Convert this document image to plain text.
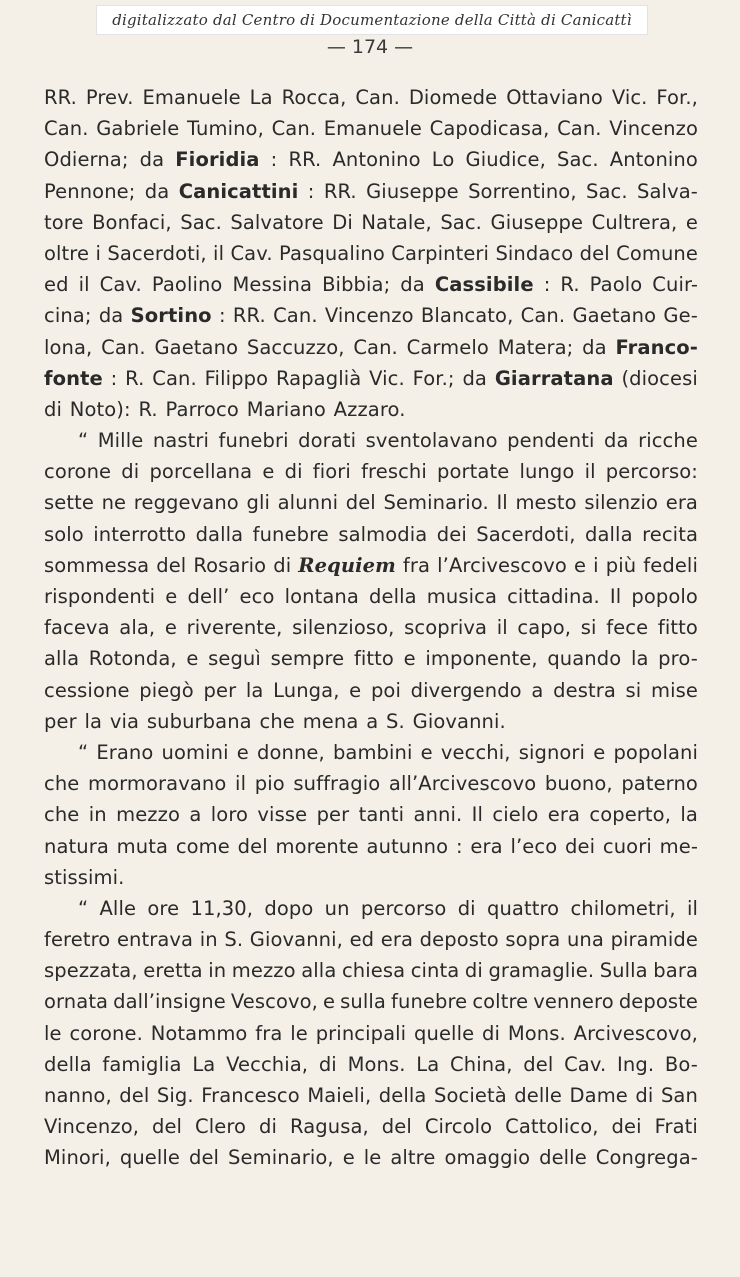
digitalizzato dal Centro di Documentazione della Città di Canicattì
— 174 —
RR. Prev. Emanuele La Rocca, Can. Diomede Ottaviano Vic. For.,
Can. Gabriele Tumino, Can. Emanuele Capodicasa, Can. Vincenzo
Odierna; da Fioridia : RR. Antonino Lo Giudice, Sac. Antonino
Pennone; da Canicattini : RR. Giuseppe Sorrentino, Sac. Salva-
tore Bonfaci, Sac. Salvatore Di Natale, Sac. Giuseppe Cultrera, e
oltre i Sacerdoti, il Cav. Pasqualino Carpinteri Sindaco del Comune
ed il Cav. Paolino Messina Bibbia; da Cassibile : R. Paolo Cuir-
cina; da Sortino : RR. Can. Vincenzo Blancato, Can. Gaetano Ge-
lona, Can. Gaetano Saccuzzo, Can. Carmelo Matera; da Franco-
fonte : R. Can. Filippo Rapaglià Vic. For.; da Giarratana (diocesi
di Noto): R. Parroco Mariano Azzaro.
“ Mille nastri funebri dorati sventolavano pendenti da ricche
corone di porcellana e di fiori freschi portate lungo il percorso:
sette ne reggevano gli alunni del Seminario. Il mesto silenzio era
solo interrotto dalla funebre salmodia dei Sacerdoti, dalla recita
sommessa del Rosario di Requiem fra l’Arcivescovo e i più fedeli
rispondenti e dell’ eco lontana della musica cittadina. Il popolo
faceva ala, e riverente, silenzioso, scopriva il capo, si fece fitto
alla Rotonda, e seguì sempre fitto e imponente, quando la pro-
cessione piegò per la Lunga, e poi divergendo a destra si mise
per la via suburbana che mena a S. Giovanni.
“ Erano uomini e donne, bambini e vecchi, signori e popolani
che mormoravano il pio suffragio all’Arcivescovo buono, paterno
che in mezzo a loro visse per tanti anni. Il cielo era coperto, la
natura muta come del morente autunno : era l’eco dei cuori me-
stissimi.
“ Alle ore 11,30, dopo un percorso di quattro chilometri, il
feretro entrava in S. Giovanni, ed era deposto sopra una piramide
spezzata, eretta in mezzo alla chiesa cinta di gramaglie. Sulla bara
ornata dall’insigne Vescovo, e sulla funebre coltre vennero deposte
le corone. Notammo fra le principali quelle di Mons. Arcivescovo,
della famiglia La Vecchia, di Mons. La China, del Cav. Ing. Bo-
nanno, del Sig. Francesco Maieli, della Società delle Dame di San
Vincenzo, del Clero di Ragusa, del Circolo Cattolico, dei Frati
Minori, quelle del Seminario, e le altre omaggio delle Congrega-
